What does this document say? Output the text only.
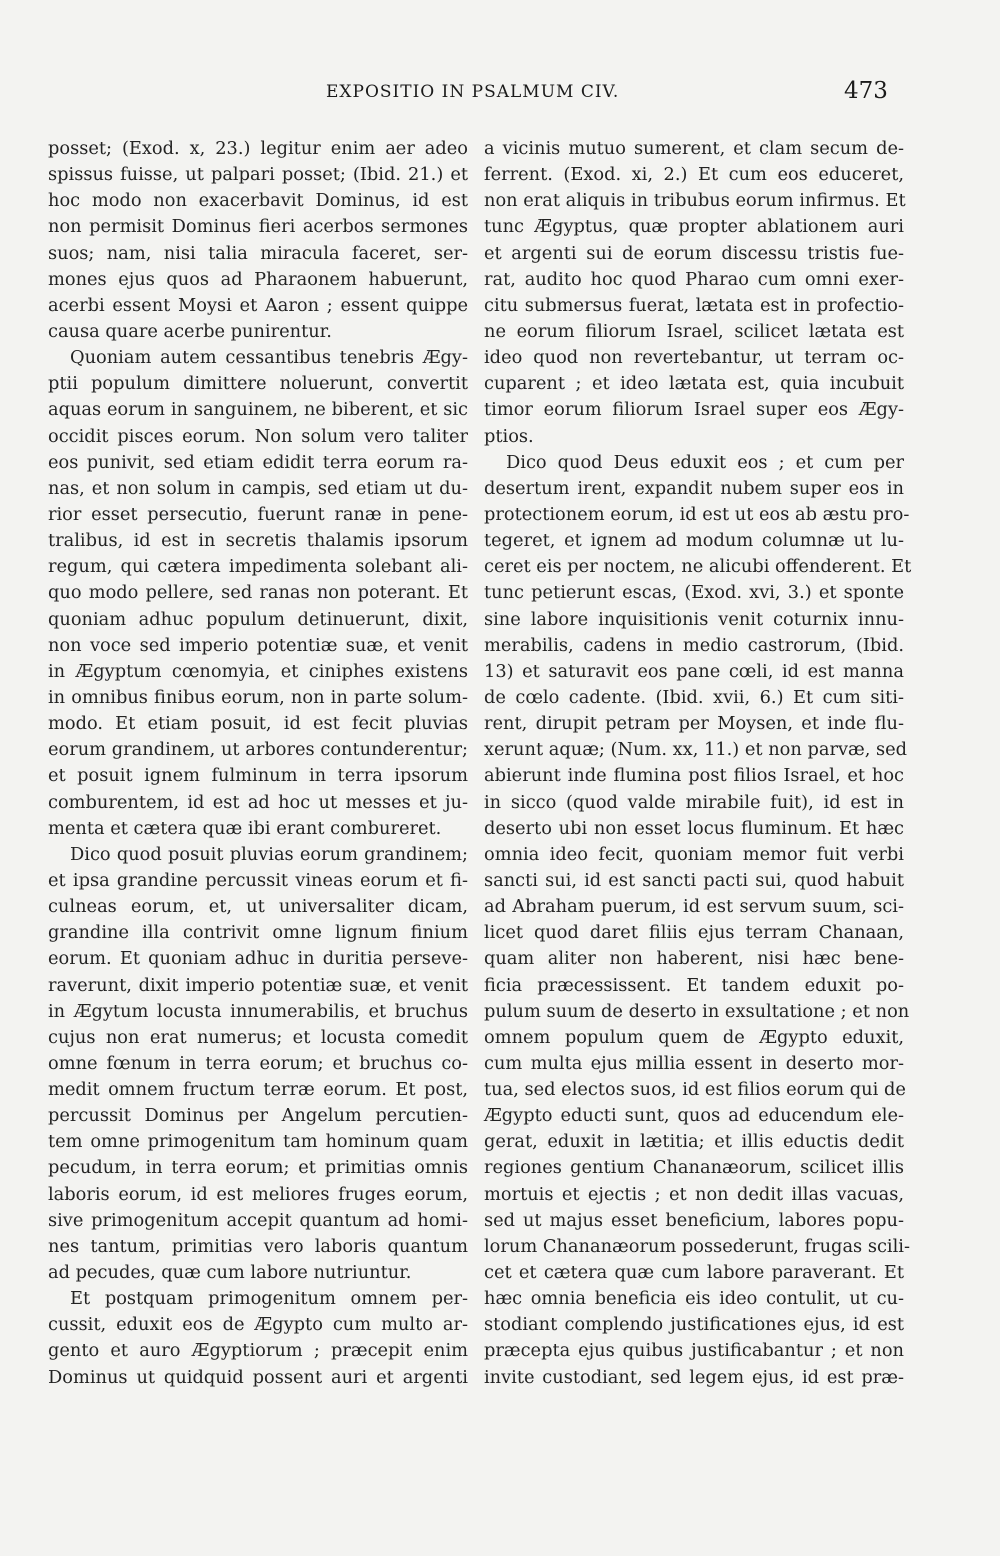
EXPOSITIO IN PSALMUM CIV.	473
posset; (Exod. x, 23.) legitur enim aer adeo
spissus fuisse, ut palpari posset; (Ibid. 21.) et
hoc modo non exacerbavit Dominus, id est
non permisit Dominus fieri acerbos sermones
suos; nam, nisi talia miracula faceret, ser-
mones ejus quos ad Pharaonem habuerunt,
acerbi essent Moysi et Aaron ; essent quippe
causa quare acerbe punirentur.
Quoniam autem cessantibus tenebris Ægy-
ptii populum dimittere noluerunt, convertit
aquas eorum in sanguinem, ne biberent, et sic
occidit pisces eorum. Non solum vero taliter
eos punivit, sed etiam edidit terra eorum ra-
nas, et non solum in campis, sed etiam ut du-
rior esset persecutio, fuerunt ranæ in pene-
tralibus, id est in secretis thalamis ipsorum
regum, qui cætera impedimenta solebant ali-
quo modo pellere, sed ranas non poterant. Et
quoniam adhuc populum detinuerunt, dixit,
non voce sed imperio potentiæ suæ, et venit
in Ægyptum cœnomyia, et ciniphes existens
in omnibus finibus eorum, non in parte solum-
modo. Et etiam posuit, id est fecit pluvias
eorum grandinem, ut arbores contunderentur;
et posuit ignem fulminum in terra ipsorum
comburentem, id est ad hoc ut messes et ju-
menta et cætera quæ ibi erant combureret.
Dico quod posuit pluvias eorum grandinem;
et ipsa grandine percussit vineas eorum et fi-
culneas eorum, et, ut universaliter dicam,
grandine illa contrivit omne lignum finium
eorum. Et quoniam adhuc in duritia perseve-
raverunt, dixit imperio potentiæ suæ, et venit
in Ægytum locusta innumerabilis, et bruchus
cujus non erat numerus; et locusta comedit
omne fœnum in terra eorum; et bruchus co-
medit omnem fructum terræ eorum. Et post,
percussit Dominus per Angelum percutien-
tem omne primogenitum tam hominum quam
pecudum, in terra eorum; et primitias omnis
laboris eorum, id est meliores fruges eorum,
sive primogenitum accepit quantum ad homi-
nes tantum, primitias vero laboris quantum
ad pecudes, quæ cum labore nutriuntur.
Et postquam primogenitum omnem per-
cussit, eduxit eos de Ægypto cum multo ar-
gento et auro Ægyptiorum ; præcepit enim
Dominus ut quidquid possent auri et argenti
a vicinis mutuo sumerent, et clam secum de-
ferrent. (Exod. xi, 2.) Et cum eos educeret,
non erat aliquis in tribubus eorum infirmus. Et
tunc Ægyptus, quæ propter ablationem auri
et argenti sui de eorum discessu tristis fue-
rat, audito hoc quod Pharao cum omni exer-
citu submersus fuerat, lætata est in profectio-
ne eorum filiorum Israel, scilicet lætata est
ideo quod non revertebantur, ut terram oc-
cuparent ; et ideo lætata est, quia incubuit
timor eorum filiorum Israel super eos Ægy-
ptios.
Dico quod Deus eduxit eos ; et cum per
desertum irent, expandit nubem super eos in
protectionem eorum, id est ut eos ab æstu pro-
tegeret, et ignem ad modum columnæ ut lu-
ceret eis per noctem, ne alicubi offenderent. Et
tunc petierunt escas, (Exod. xvi, 3.) et sponte
sine labore inquisitionis venit coturnix innu-
merabilis, cadens in medio castrorum, (Ibid.
13) et saturavit eos pane cœli, id est manna
de cœlo cadente. (Ibid. xvii, 6.) Et cum siti-
rent, dirupit petram per Moysen, et inde flu-
xerunt aquæ; (Num. xx, 11.) et non parvæ, sed
abierunt inde flumina post filios Israel, et hoc
in sicco (quod valde mirabile fuit), id est in
deserto ubi non esset locus fluminum. Et hæc
omnia ideo fecit, quoniam memor fuit verbi
sancti sui, id est sancti pacti sui, quod habuit
ad Abraham puerum, id est servum suum, sci-
licet quod daret filiis ejus terram Chanaan,
quam aliter non haberent, nisi hæc bene-
ficia præcessissent. Et tandem eduxit po-
pulum suum de deserto in exsultatione ; et non
omnem populum quem de Ægypto eduxit,
cum multa ejus millia essent in deserto mor-
tua, sed electos suos, id est filios eorum qui de
Ægypto educti sunt, quos ad educendum ele-
gerat, eduxit in lætitia; et illis eductis dedit
regiones gentium Chananæorum, scilicet illis
mortuis et ejectis ; et non dedit illas vacuas,
sed ut majus esset beneficium, labores popu-
lorum Chananæorum possederunt, frugas scili-
cet et cætera quæ cum labore paraverant. Et
hæc omnia beneficia eis ideo contulit, ut cu-
stodiant complendo justificationes ejus, id est
præcepta ejus quibus justificabantur ; et non
invite custodiant, sed legem ejus, id est præ-
